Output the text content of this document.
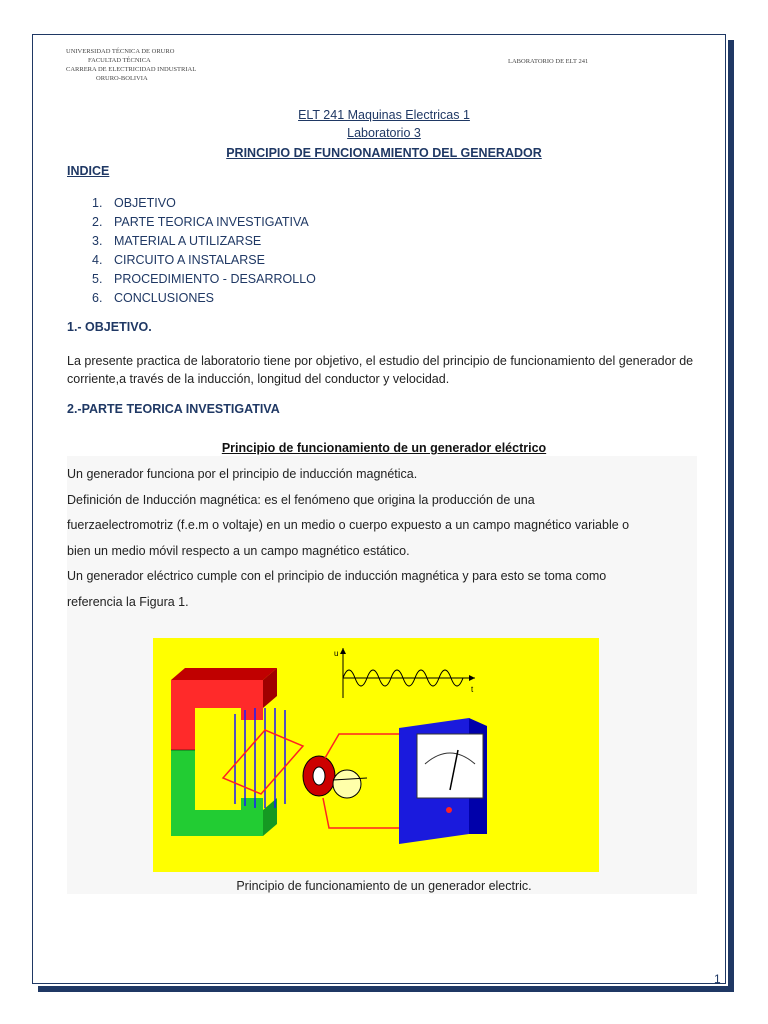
UNIVERSIDAD TÉCNICA DE ORURO
FACULTAD TÉCNICA
CARRERA DE ELECTRICIDAD INDUSTRIAL
ORURO-BOLIVIA
LABORATORIO DE ELT 241
ELT 241 Maquinas Electricas 1
Laboratorio 3
PRINCIPIO DE FUNCIONAMIENTO DEL GENERADOR
INDICE
1. OBJETIVO
2. PARTE TEORICA INVESTIGATIVA
3. MATERIAL A UTILIZARSE
4. CIRCUITO A INSTALARSE
5. PROCEDIMIENTO - DESARROLLO
6. CONCLUSIONES
1.- OBJETIVO.
La presente practica de laboratorio tiene por objetivo, el estudio del principio de funcionamiento del generador de corriente,a través de la inducción, longitud del conductor y velocidad.
2.-PARTE TEORICA INVESTIGATIVA
Principio de funcionamiento de un generador eléctrico
Un generador funciona por el principio de inducción magnética.
Definición de Inducción magnética: es el fenómeno que origina la producción de una
fuerzaelectromotriz (f.e.m o voltaje) en un medio o cuerpo expuesto a un campo magnético variable o
bien un medio móvil respecto a un campo magnético estático.
Un generador eléctrico cumple con el principio de inducción magnética y para esto se toma como
referencia la Figura 1.
u
t
Principio de funcionamiento de un generador electric.
1
